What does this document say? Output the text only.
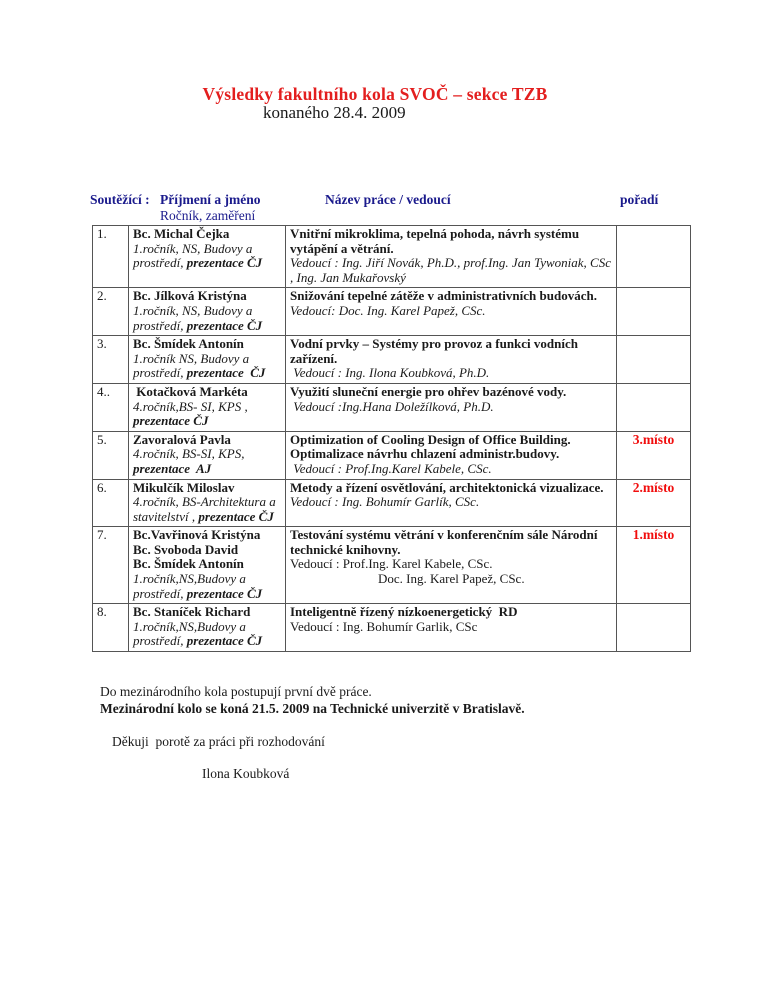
Výsledky fakultního kola SVOČ – sekce TZB
konaného 28.4. 2009
Soutěžící : Příjmení a jméno
Ročník, zaměření
Název práce / vedoucí	pořadí
1.	Bc. Michal Čejka
1.ročník, NS, Budovy a prostředí, prezentace ČJ

Vnitřní mikroklima, tepelná pohoda, návrh systému vytápění a větrání.
Vedoucí : Ing. Jiří Novák, Ph.D., prof.Ing. Jan Tywoniak, CSc , Ing. Jan Mukařovský

2.	Bc. Jílková Kristýna
1.ročník, NS, Budovy a prostředí, prezentace ČJ

Snižování tepelné zátěže v administrativních budovách.
Vedoucí: Doc. Ing. Karel Papež, CSc.

3.	Bc. Šmídek Antonín
1.ročník NS, Budovy a prostředí, prezentace  ČJ

Vodní prvky – Systémy pro provoz a funkci vodních zařízení.
Vedoucí : Ing. Ilona Koubková, Ph.D.

4..	Kotačková Markéta
4.ročník,BS- SI, KPS , prezentace ČJ

Využití sluneční energie pro ohřev bazénové vody.
Vedoucí :Ing.Hana Doležílková, Ph.D.

5.	Zavoralová Pavla
4.ročník, BS-SI, KPS, prezentace  AJ

Optimization of Cooling Design of Office Building.
Optimalizace návrhu chlazení administr.budovy.
Vedoucí : Prof.Ing.Karel Kabele, CSc.
	3.místo
6.	Mikulčík Miloslav
4.ročník, BS-Architektura a stavitelství , prezentace ČJ

Metody a řízení osvětlování, architektonická vizualizace.
Vedoucí : Ing. Bohumír Garlík, CSc.
	2.místo
7.	Bc.Vavřinová Kristýna
Bc. Svoboda David
Bc. Šmídek Antonín
1.ročník,NS,Budovy a prostředí, prezentace ČJ

Testování systému větrání v konferenčním sále Národní technické knihovny.
Vedoucí : Prof.Ing. Karel Kabele, CSc.
Doc. Ing. Karel Papež, CSc.
	1.místo
8.	Bc. Staníček Richard
1.ročník,NS,Budovy a prostředí, prezentace ČJ

Inteligentně řízený nízkoenergetický  RD
Vedoucí : Ing. Bohumír Garlik, CSc

Do mezinárodního kola postupují první dvě práce.
Mezinárodní kolo se koná 21.5. 2009 na Technické univerzitě v Bratislavě.
Děkuji  porotě za práci při rozhodování
Ilona Koubková
